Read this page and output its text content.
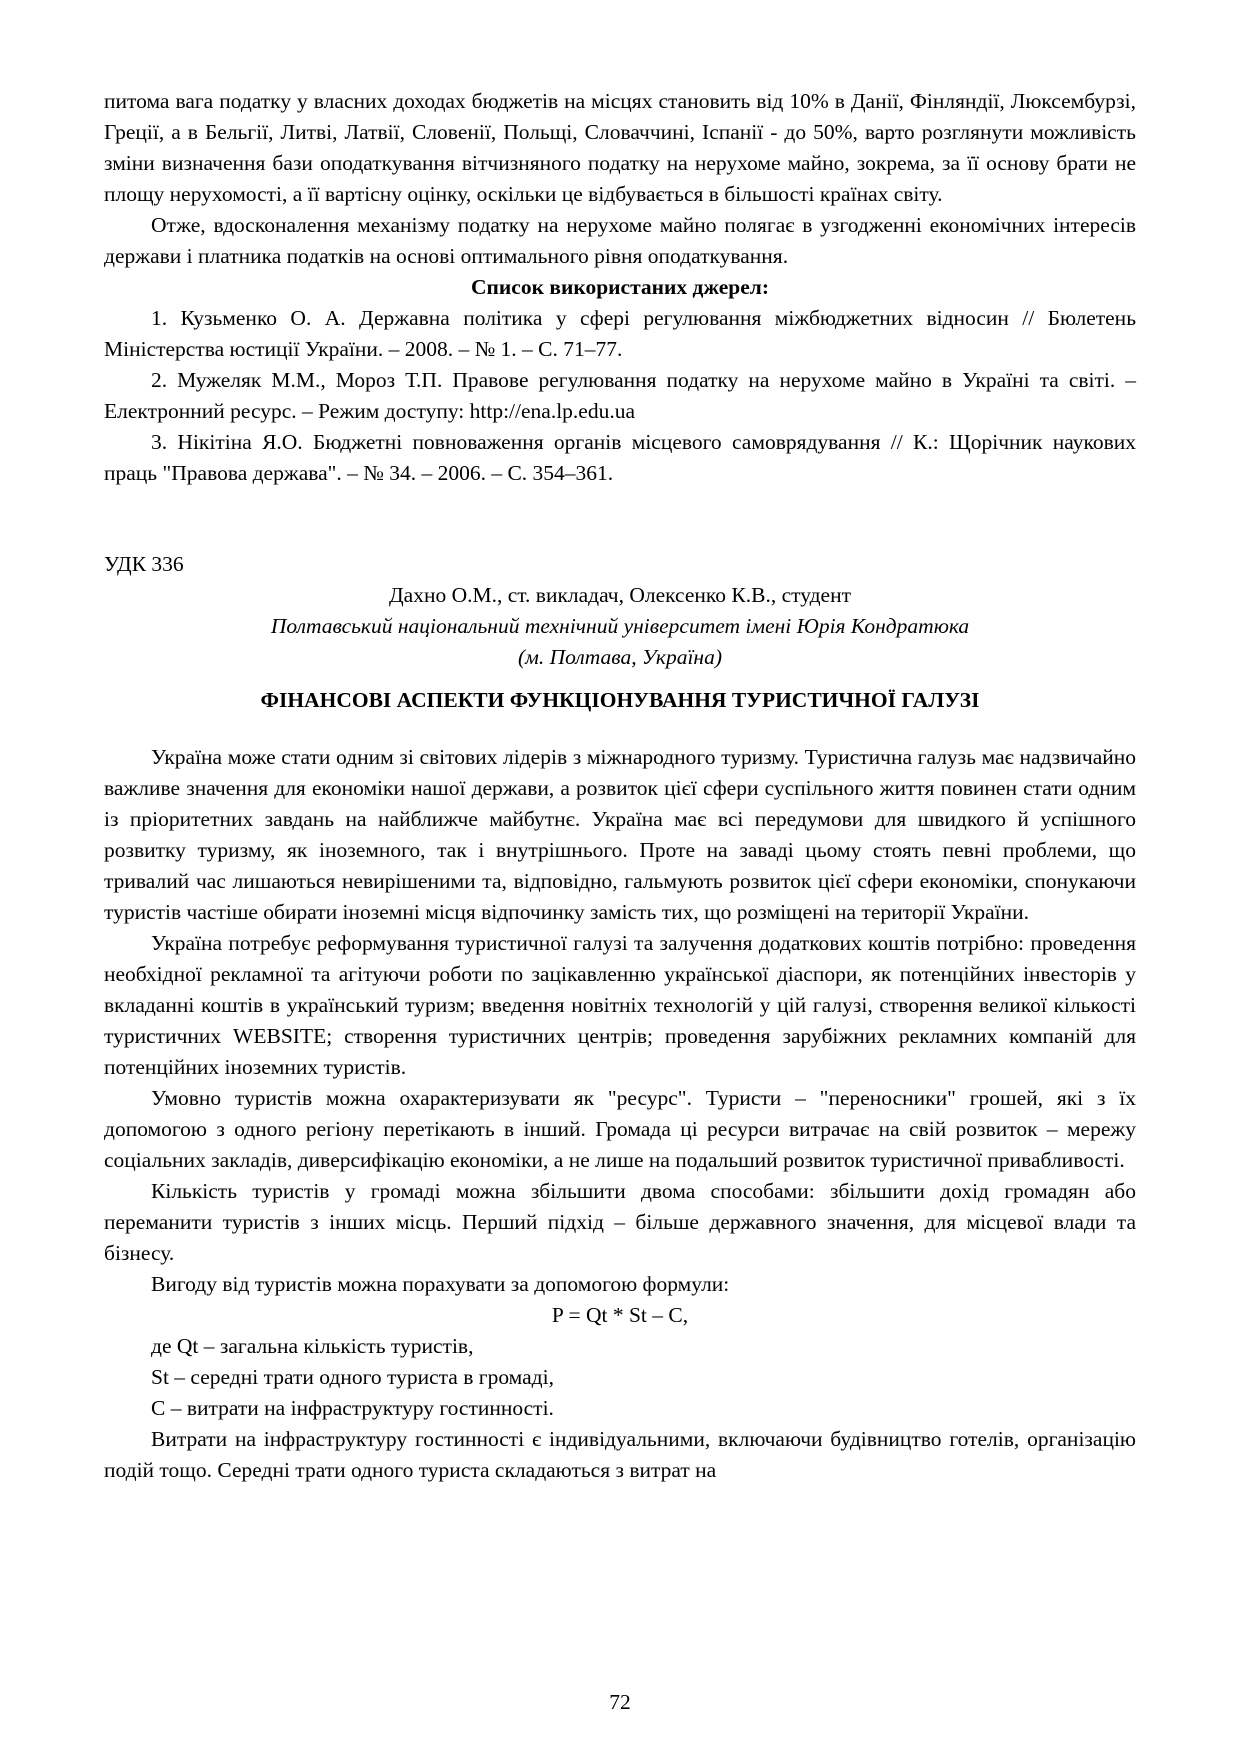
питома вага податку у власних доходах бюджетів на місцях становить від 10% в Данії, Фінляндії, Люксембурзі, Греції, а в Бельгії, Литві, Латвії, Словенії, Польщі, Словаччині, Іспанії - до 50%, варто розглянути можливість зміни визначення бази оподаткування вітчизняного податку на нерухоме майно, зокрема, за її основу брати не площу нерухомості, а її вартісну оцінку, оскільки це відбувається в більшості країнах світу.

Отже, вдосконалення механізму податку на нерухоме майно полягає в узгодженні економічних інтересів держави і платника податків на основі оптимального рівня оподаткування.

Список використаних джерел:

1. Кузьменко О. А. Державна політика у сфері регулювання міжбюджетних відносин // Бюлетень Міністерства юстиції України. – 2008. – № 1. – С. 71–77.

2. Мужеляк М.М., Мороз Т.П. Правове регулювання податку на нерухоме майно в Україні та світі. – Електронний ресурс. – Режим доступу: http://ena.lp.edu.ua

3. Нікітіна Я.О. Бюджетні повноваження органів місцевого самоврядування // К.: Щорічник наукових праць "Правова держава". – № 34. – 2006. – С. 354–361.

УДК 336

Дахно О.М., ст. викладач, Олексенко К.В., студент

Полтавський національний технічний університет імені Юрія Кондратюка

(м. Полтава, Україна)

ФІНАНСОВІ АСПЕКТИ ФУНКЦІОНУВАННЯ ТУРИСТИЧНОЇ ГАЛУЗІ

Україна може стати одним зі світових лідерів з міжнародного туризму. Туристична галузь має надзвичайно важливе значення для економіки нашої держави, а розвиток цієї сфери суспільного життя повинен стати одним із пріоритетних завдань на найближче майбутнє. Україна має всі передумови для швидкого й успішного розвитку туризму, як іноземного, так і внутрішнього. Проте на заваді цьому стоять певні проблеми, що тривалий час лишаються невирішеними та, відповідно, гальмують розвиток цієї сфери економіки, спонукаючи туристів частіше обирати іноземні місця відпочинку замість тих, що розміщені на території України.

Україна потребує реформування туристичної галузі та залучення додаткових коштів потрібно: проведення необхідної рекламної та агітуючи роботи по зацікавленню української діаспори, як потенційних інвесторів у вкладанні коштів в український туризм; введення новітніх технологій у цій галузі, створення великої кількості туристичних WEBSITE; створення туристичних центрів; проведення зарубіжних рекламних компаній для потенційних іноземних туристів.

Умовно туристів можна охарактеризувати як "ресурс". Туристи – "переносники" грошей, які з їх допомогою з одного регіону перетікають в інший. Громада ці ресурси витрачає на свій розвиток – мережу соціальних закладів, диверсифікацію економіки, а не лише на подальший розвиток туристичної привабливості.

Кількість туристів у громаді можна збільшити двома способами: збільшити дохід громадян або переманити туристів з інших місць. Перший підхід – більше державного значення, для місцевої влади та бізнесу.

Вигоду від туристів можна порахувати за допомогою формули:

P = Qt * St – C,

де Qt – загальна кількість туристів,

St – середні трати одного туриста в громаді,

C – витрати на інфраструктуру гостинності.

Витрати на інфраструктуру гостинності є індивідуальними, включаючи будівництво готелів, організацію подій тощо. Середні трати одного туриста складаються з витрат на

72
